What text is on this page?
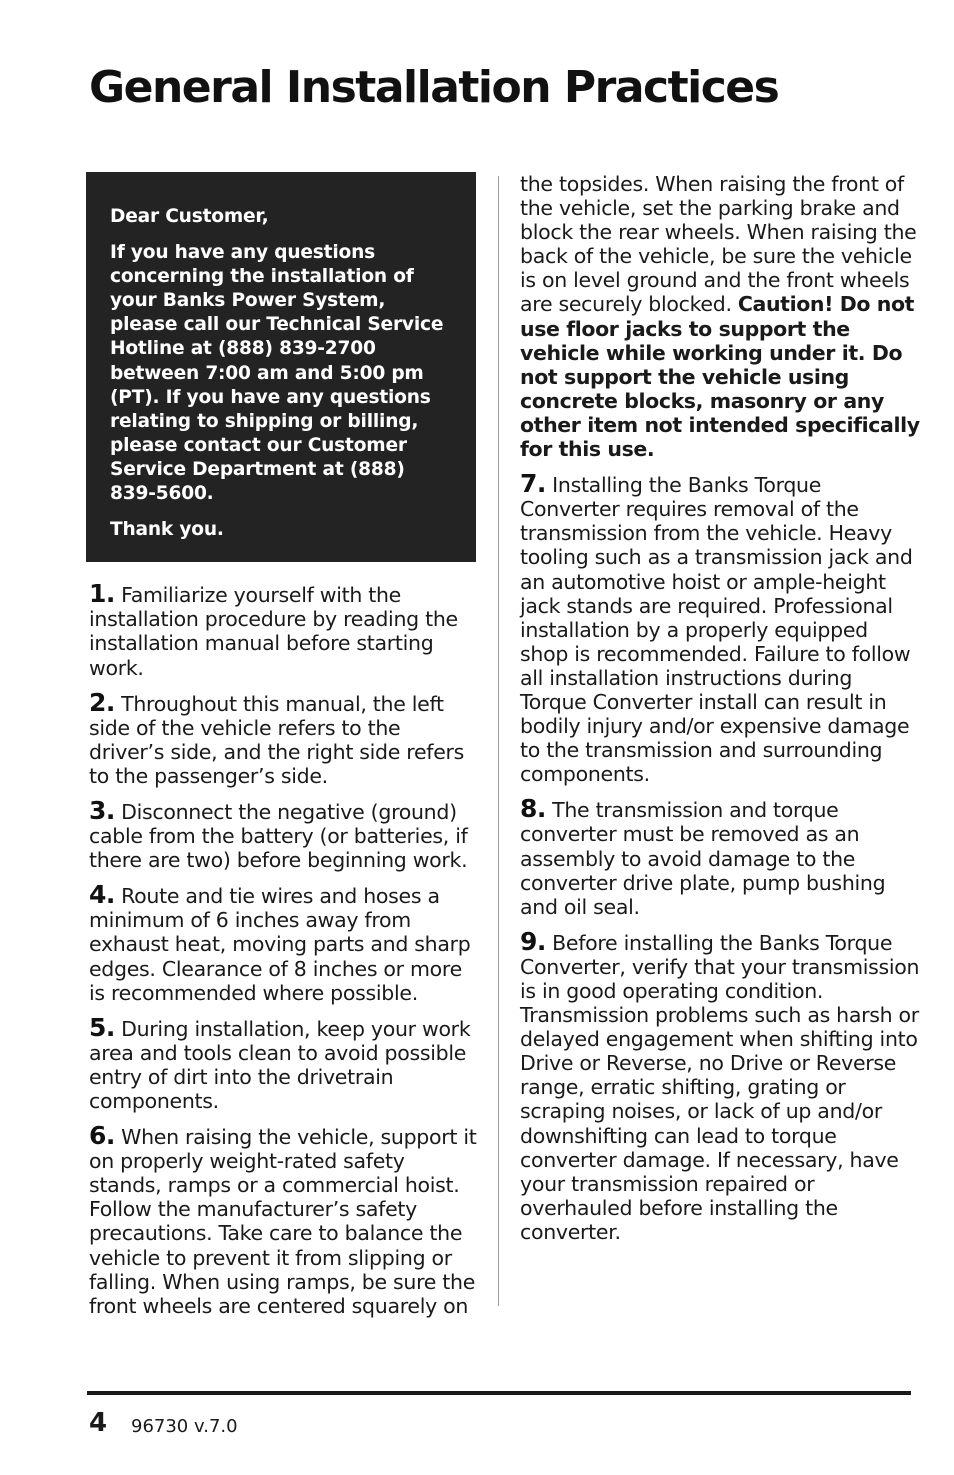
General Installation Practices

Dear Customer,

If you have any questions concerning the installation of your Banks Power System, please call our Technical Service Hotline at (888) 839-2700 between 7:00 am and 5:00 pm (PT). If you have any questions relating to shipping or billing, please contact our Customer Service Department at (888) 839-5600.

Thank you.

1. Familiarize yourself with the installation procedure by reading the installation manual before starting work.

2. Throughout this manual, the left side of the vehicle refers to the driver’s side, and the right side refers to the passenger’s side.

3. Disconnect the negative (ground) cable from the battery (or batteries, if there are two) before beginning work.

4. Route and tie wires and hoses a minimum of 6 inches away from exhaust heat, moving parts and sharp edges. Clearance of 8 inches or more is recommended where possible.

5. During installation, keep your work area and tools clean to avoid possible entry of dirt into the drivetrain components.

6. When raising the vehicle, support it on properly weight-rated safety stands, ramps or a commercial hoist. Follow the manufacturer’s safety precautions. Take care to balance the vehicle to prevent it from slipping or falling. When using ramps, be sure the front wheels are centered squarely on

the topsides. When raising the front of the vehicle, set the parking brake and block the rear wheels. When raising the back of the vehicle, be sure the vehicle is on level ground and the front wheels are securely blocked. Caution! Do not use floor jacks to support the vehicle while working under it. Do not support the vehicle using concrete blocks, masonry or any other item not intended specifically for this use.

7. Installing the Banks Torque Converter requires removal of the transmission from the vehicle. Heavy tooling such as a transmission jack and an automotive hoist or ample-height jack stands are required. Professional installation by a properly equipped shop is recommended. Failure to follow all installation instructions during Torque Converter install can result in bodily injury and/or expensive damage to the transmission and surrounding components.

8. The transmission and torque converter must be removed as an assembly to avoid damage to the converter drive plate, pump bushing and oil seal.

9. Before installing the Banks Torque Converter, verify that your transmission is in good operating condition. Transmission problems such as harsh or delayed engagement when shifting into Drive or Reverse, no Drive or Reverse range, erratic shifting, grating or scraping noises, or lack of up and/or downshifting can lead to torque converter damage. If necessary, have your transmission repaired or overhauled before installing the converter.

4 96730 v.7.0
